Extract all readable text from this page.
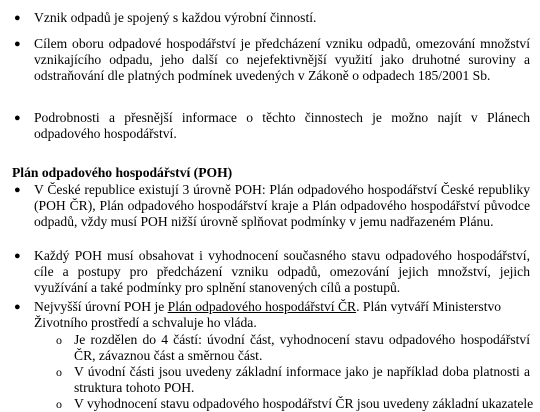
● Vznik odpadů je spojený s každou výrobní činností.
● Cílem oboru odpadové hospodářství je předcházení vzniku odpadů, omezování množství vznikajícího odpadu, jeho další co nejefektivnější využití jako druhotné suroviny a odstraňování dle platných podmínek uvedených v Zákoně o odpadech 185/2001 Sb.
● Podrobnosti a přesnější informace o těchto činnostech je možno najít v Plánech odpadového hospodářství.
Plán odpadového hospodářství (POH)
● V České republice existují 3 úrovně POH: Plán odpadového hospodářství České republiky (POH ČR), Plán odpadového hospodářství kraje a Plán odpadového hospodářství původce odpadů, vždy musí POH nižší úrovně splňovat podmínky v jemu nadřazeném Plánu.
● Každý POH musí obsahovat i vyhodnocení současného stavu odpadového hospodářství, cíle a postupy pro předcházení vzniku odpadů, omezování jejich množství, jejich využívání a také podmínky pro splnění stanovených cílů a postupů.
● Nejvyšší úrovní POH je Plán odpadového hospodářství ČR. Plán vytváří Ministerstvo Životního prostředí a schvaluje ho vláda.
o Je rozdělen do 4 částí: úvodní část, vyhodnocení stavu odpadového hospodářství ČR, závaznou část a směrnou část.
o V úvodní části jsou uvedeny základní informace jako je například doba platnosti a struktura tohoto POH.
o V vyhodnocení stavu odpadového hospodářství ČR jsou uvedeny základní ukazatele
